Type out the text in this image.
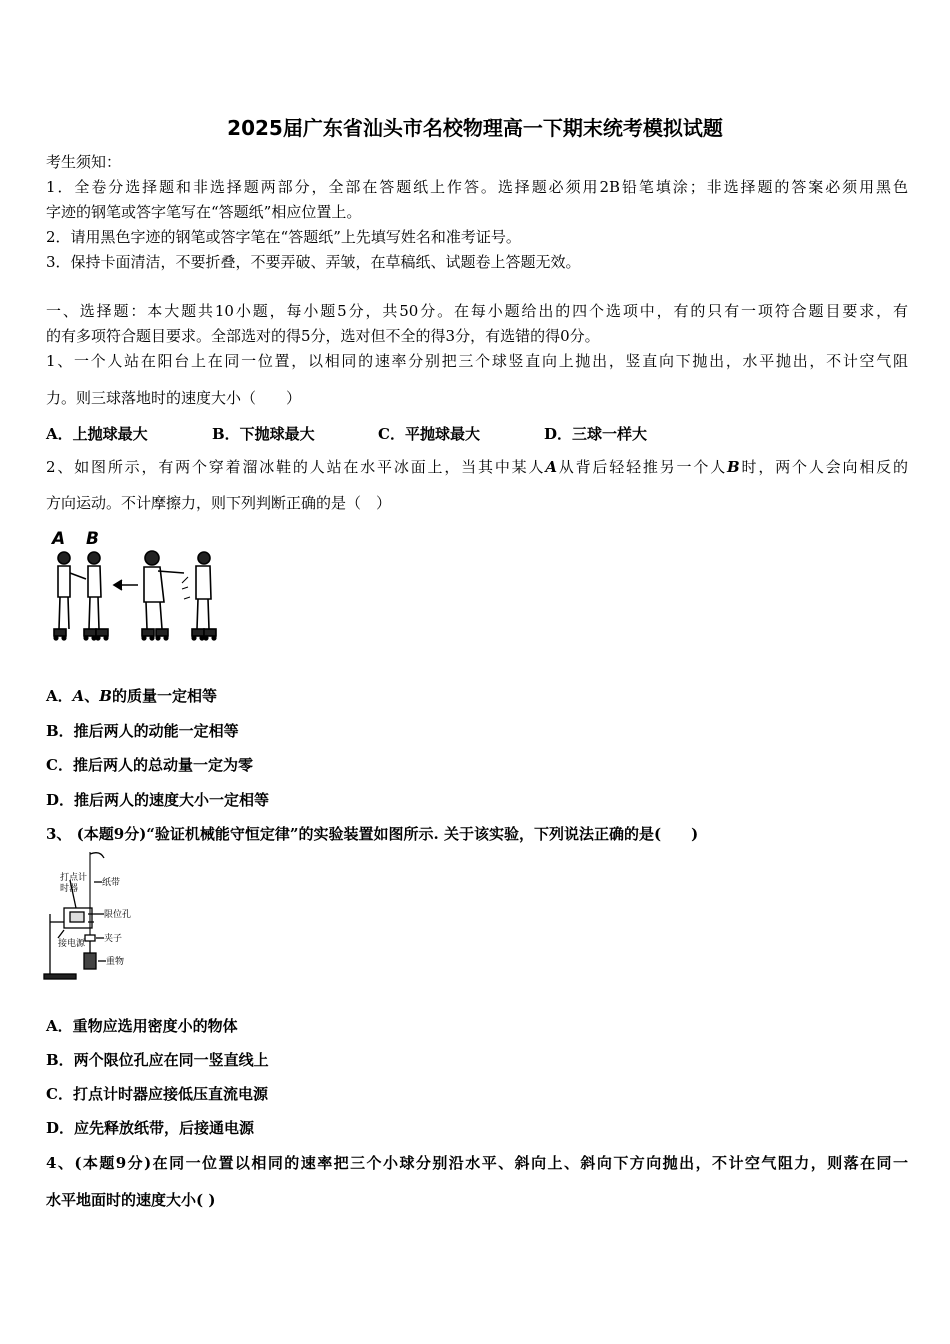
2025届广东省汕头市名校物理高一下期末统考模拟试题
考生须知：
1．全卷分选择题和非选择题两部分，全部在答题纸上作答。选择题必须用2B铅笔填涂；非选择题的答案必须用黑色
字迹的钢笔或答字笔写在“答题纸”相应位置上。
2．请用黑色字迹的钢笔或答字笔在“答题纸”上先填写姓名和准考证号。
3．保持卡面清洁，不要折叠，不要弄破、弄皱，在草稿纸、试题卷上答题无效。
一、选择题：本大题共10小题，每小题5分，共50分。在每小题给出的四个选项中，有的只有一项符合题目要求，有
的有多项符合题目要求。全部选对的得5分，选对但不全的得3分，有选错的得0分。
1、一个人站在阳台上在同一位置，以相同的速率分别把三个球竖直向上抛出，竖直向下抛出，水平抛出，不计空气阻
力。则三球落地时的速度大小（　　）
A．上抛球最大	B．下抛球最大	C．平抛球最大	D．三球一样大
2、如图所示，有两个穿着溜冰鞋的人站在水平冰面上，当其中某人A从背后轻轻推另一个人B时，两个人会向相反的
方向运动。不计摩擦力，则下列判断正确的是（　）
A B
A．A、B的质量一定相等
B．推后两人的动能一定相等
C．推后两人的总动量一定为零
D．推后两人的速度大小一定相等
3、 (本题9分)“验证机械能守恒定律”的实验装置如图所示. 关于该实验，下列说法正确的是(　　)
打点计
时器
纸带
限位孔
接电源 夹子
重物
A．重物应选用密度小的物体
B．两个限位孔应在同一竖直线上
C．打点计时器应接低压直流电源
D．应先释放纸带，后接通电源
4、(本题9分)在同一位置以相同的速率把三个小球分别沿水平、斜向上、斜向下方向抛出，不计空气阻力，则落在同一
水平地面时的速度大小( )
